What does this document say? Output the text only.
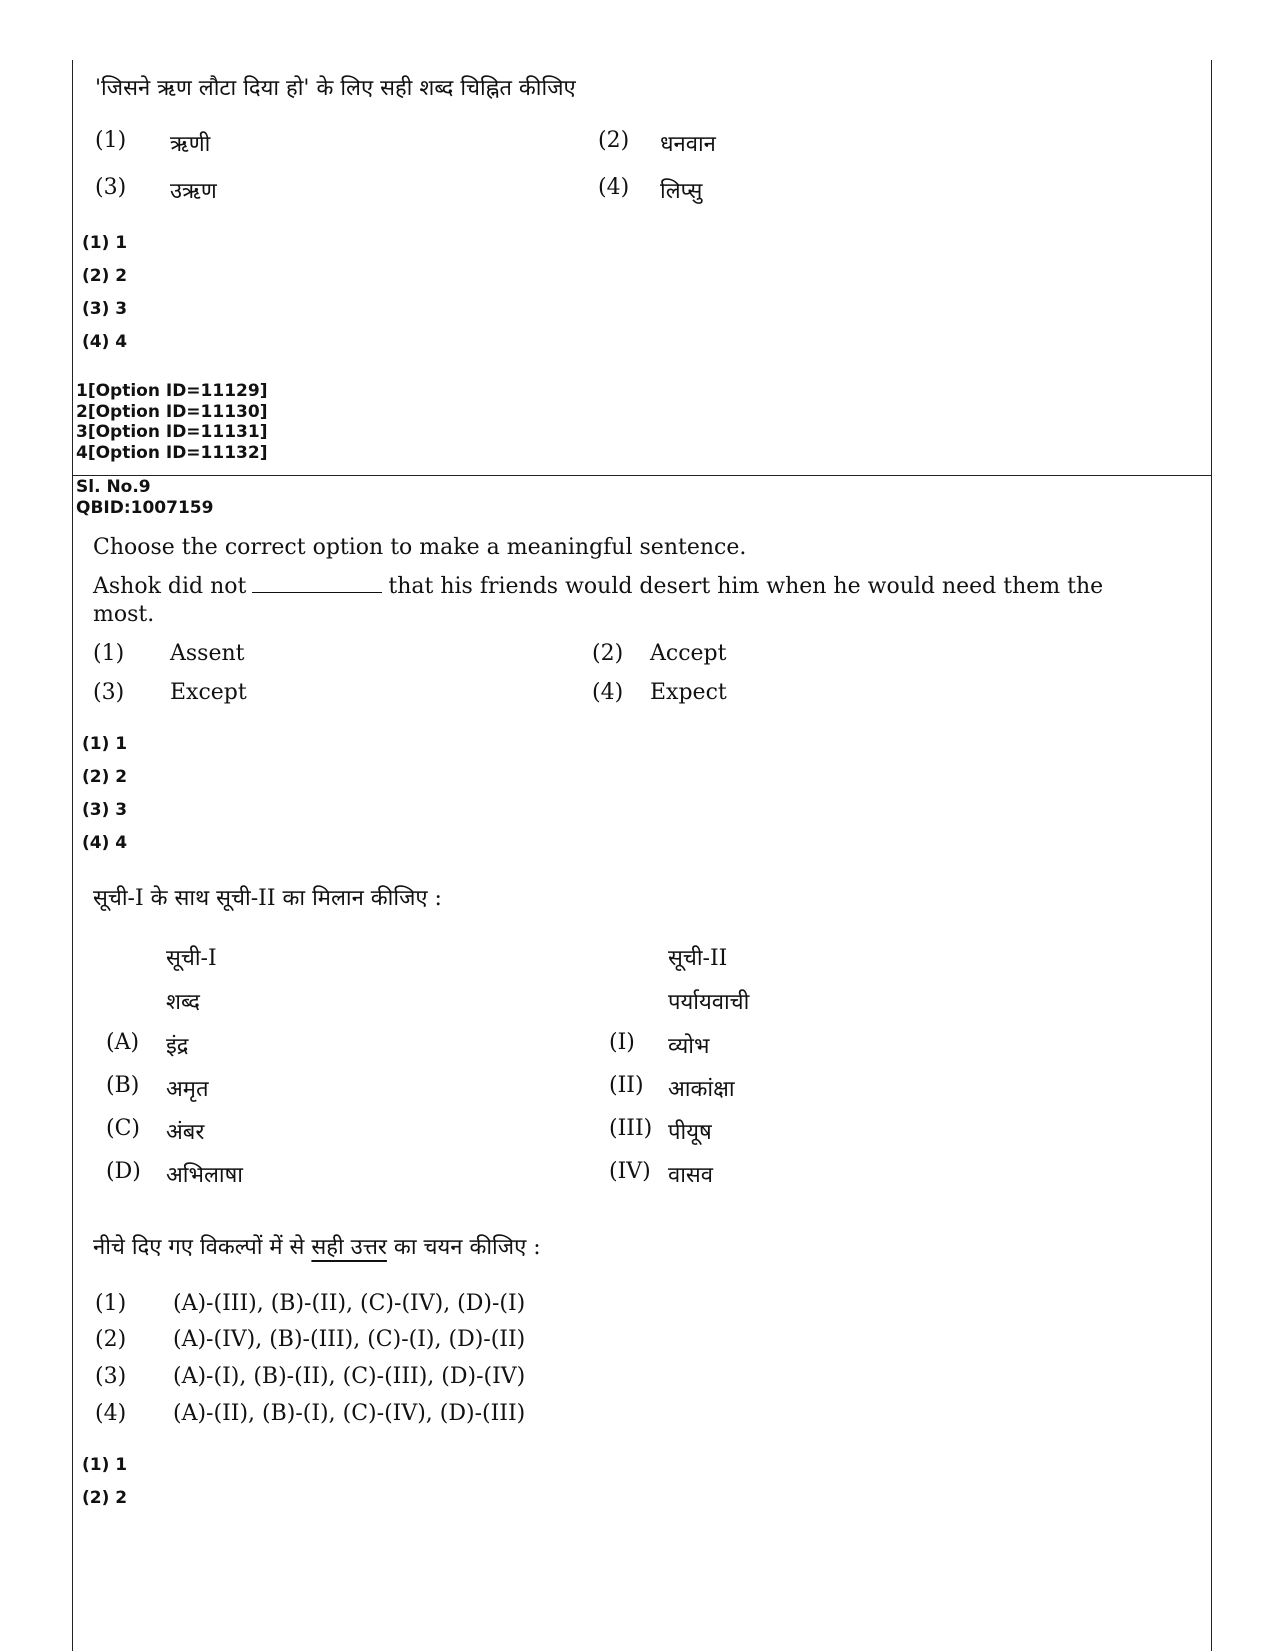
'जिसने ऋण लौटा दिया हो' के लिए सही शब्द चिह्नित कीजिए
(1) ऋणी	(2) धनवान
(3) उऋण	(4) लिप्सु
(1) 1
(2) 2
(3) 3
(4) 4
1[Option ID=11129]
2[Option ID=11130]
3[Option ID=11131]
4[Option ID=11132]
Sl. No.9
QBID:1007159
Choose the correct option to make a meaningful sentence.
Ashok did not	that his friends would desert him when he would need them the
most.
(1) Assent	(2) Accept
(3) Except	(4) Expect
(1) 1
(2) 2
(3) 3
(4) 4
सूची-I के साथ सूची-II का मिलान कीजिए :
सूची-I	सूची-II
शब्द	पर्यायवाची
(A) इंद्र	(I) व्योभ
(B) अमृत	(II) आकांक्षा
(C) अंबर	(III) पीयूष
(D) अभिलाषा	(IV) वासव
नीचे दिए गए विकल्पों में से सही उत्तर का चयन कीजिए :
(1) (A)-(III), (B)-(II), (C)-(IV), (D)-(I)
(2) (A)-(IV), (B)-(III), (C)-(I), (D)-(II)
(3) (A)-(I), (B)-(II), (C)-(III), (D)-(IV)
(4) (A)-(II), (B)-(I), (C)-(IV), (D)-(III)
(1) 1
(2) 2
